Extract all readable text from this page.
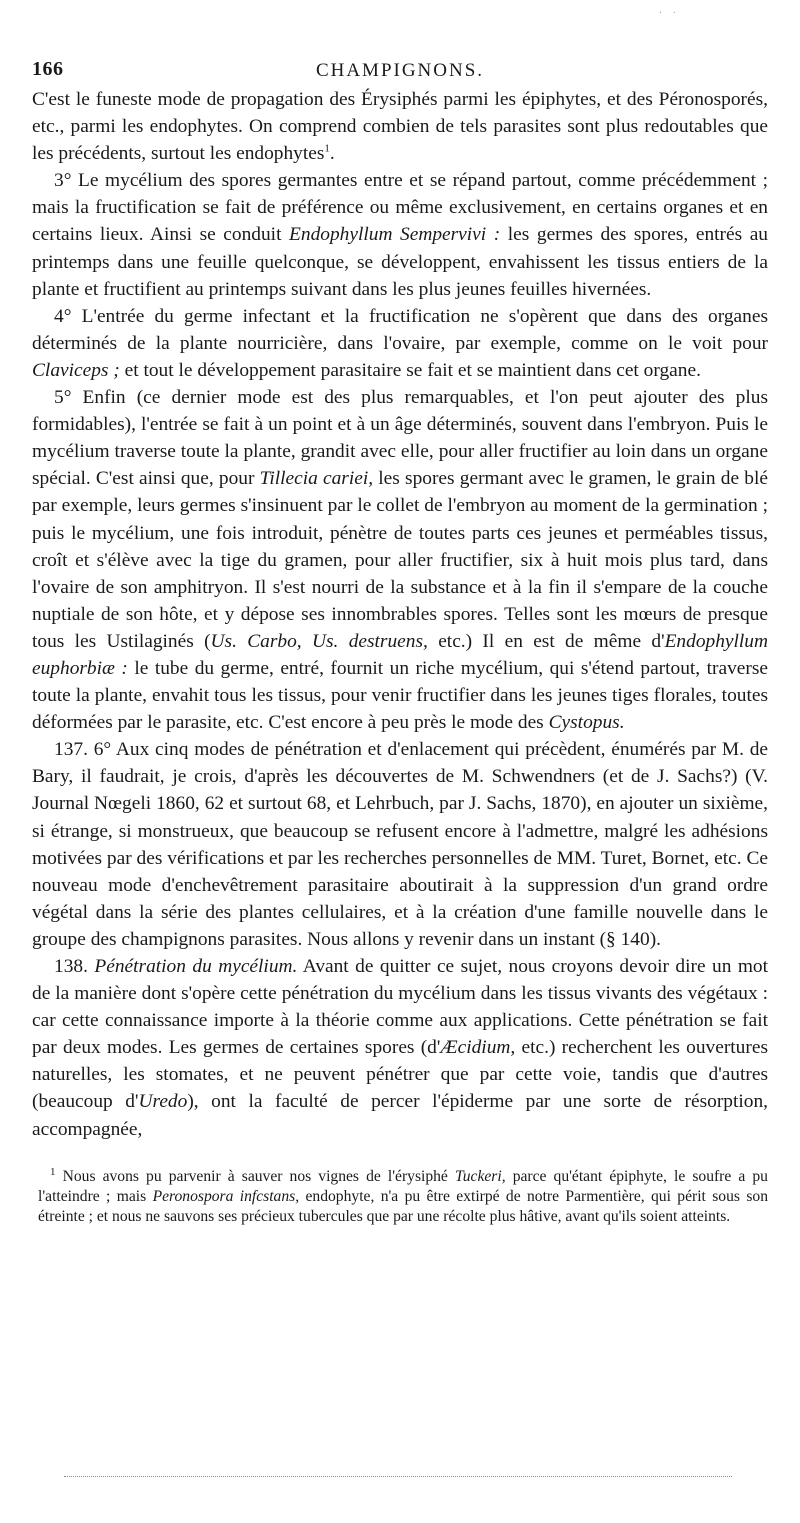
· ·
166	CHAMPIGNONS.

C'est le funeste mode de propagation des Érysiphés parmi les épiphytes, et des Péronosporés, etc., parmi les endophytes. On comprend combien de tels parasites sont plus redoutables que les précédents, surtout les endophytes$^1$.

3° Le mycélium des spores germantes entre et se répand partout, comme précédemment ; mais la fructification se fait de préférence ou même exclusivement, en certains organes et en certains lieux. Ainsi se conduit Endophyllum Sempervivi : les germes des spores, entrés au printemps dans une feuille quelconque, se développent, envahissent les tissus entiers de la plante et fructifient au printemps suivant dans les plus jeunes feuilles hivernées.

4° L'entrée du germe infectant et la fructification ne s'opèrent que dans des organes déterminés de la plante nourricière, dans l'ovaire, par exemple, comme on le voit pour Claviceps ; et tout le développement parasitaire se fait et se maintient dans cet organe.

5° Enfin (ce dernier mode est des plus remarquables, et l'on peut ajouter des plus formidables), l'entrée se fait à un point et à un âge déterminés, souvent dans l'embryon. Puis le mycélium traverse toute la plante, grandit avec elle, pour aller fructifier au loin dans un organe spécial. C'est ainsi que, pour Tillecia cariei, les spores germant avec le gramen, le grain de blé par exemple, leurs germes s'insinuent par le collet de l'embryon au moment de la germination ; puis le mycélium, une fois introduit, pénètre de toutes parts ces jeunes et perméables tissus, croît et s'élève avec la tige du gramen, pour aller fructifier, six à huit mois plus tard, dans l'ovaire de son amphitryon. Il s'est nourri de la substance et à la fin il s'empare de la couche nuptiale de son hôte, et y dépose ses innombrables spores. Telles sont les mœurs de presque tous les Ustilaginés (Us. Carbo, Us. destruens, etc.) Il en est de même d'Endophyllum euphorbiæ : le tube du germe, entré, fournit un riche mycélium, qui s'étend partout, traverse toute la plante, envahit tous les tissus, pour venir fructifier dans les jeunes tiges florales, toutes déformées par le parasite, etc. C'est encore à peu près le mode des Cystopus.

137. 6° Aux cinq modes de pénétration et d'enlacement qui précèdent, énumérés par M. de Bary, il faudrait, je crois, d'après les découvertes de M. Schwendners (et de J. Sachs?) (V. Journal Nœgeli 1860, 62 et surtout 68, et Lehrbuch, par J. Sachs, 1870), en ajouter un sixième, si étrange, si monstrueux, que beaucoup se refusent encore à l'admettre, malgré les adhésions motivées par des vérifications et par les recherches personnelles de MM. Turet, Bornet, etc. Ce nouveau mode d'enchevêtrement parasitaire aboutirait à la suppression d'un grand ordre végétal dans la série des plantes cellulaires, et à la création d'une famille nouvelle dans le groupe des champignons parasites. Nous allons y revenir dans un instant (§ 140).

138. Pénétration du mycélium. Avant de quitter ce sujet, nous croyons devoir dire un mot de la manière dont s'opère cette pénétration du mycélium dans les tissus vivants des végétaux : car cette connaissance importe à la théorie comme aux applications. Cette pénétration se fait par deux modes. Les germes de certaines spores (d'Æcidium, etc.) recherchent les ouvertures naturelles, les stomates, et ne peuvent pénétrer que par cette voie, tandis que d'autres (beaucoup d'Uredo), ont la faculté de percer l'épiderme par une sorte de résorption, accompagnée,

$^1$ Nous avons pu parvenir à sauver nos vignes de l'érysiphé Tuckeri, parce qu'étant épiphyte, le soufre a pu l'atteindre ; mais Peronospora infcstans, endophyte, n'a pu être extirpé de notre Parmentière, qui périt sous son étreinte ; et nous ne sauvons ses précieux tubercules que par une récolte plus hâtive, avant qu'ils soient atteints.
